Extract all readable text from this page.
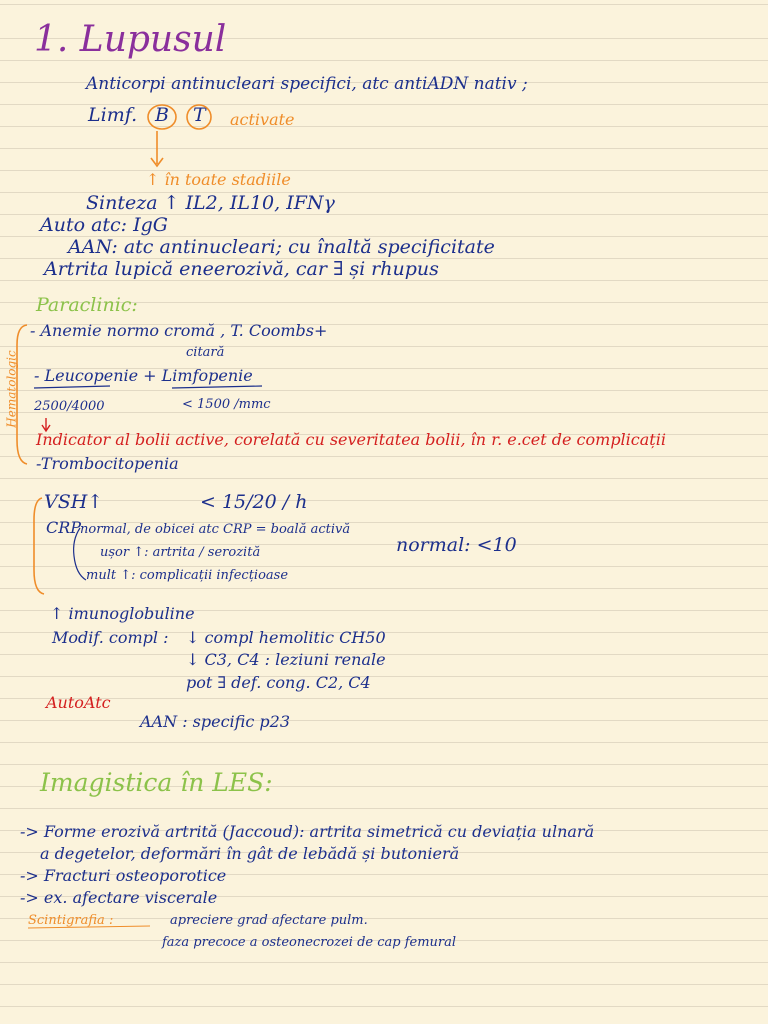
1. Lupusul
Anticorpi antinucleari specifici, atc antiADN nativ ;
Limf. B T activate
↑ în toate stadiile
Sinteza ↑ IL2, IL10, IFNγ
Auto atc: IgG
AAN: atc antinucleari; cu înaltă specificitate
Artrita lupică eneerozivă, car ∃ și rhupus
Paraclinic:
Hematologic
- Anemie normo cromă , T. Coombs+
citară
- Leucopenie + Limfopenie
2500/4000	< 1500 /mmc
Indicator al bolii active, corelată cu severitatea bolii, în r. e.cet de complicații
-Trombocitopenia
VSH↑	< 15/20 / h
CRP
normal, de obicei atc CRP = boală activă
ușor ↑: artrita / serozită
mult ↑: complicații infecțioase
normal: <10
↑ imunoglobuline
Modif. compl : ↓ compl hemolitic CH50
↓ C3, C4 : leziuni renale
pot ∃ def. cong. C2, C4
AutoAtc
AAN : specific p23
Imagistica în LES:
-> Forme erozivă artrită (Jaccoud): artrita simetrică cu deviația ulnară
a degetelor, deformări în gât de lebădă și butonieră
-> Fracturi osteoporotice
-> ex. afectare viscerale
Scintigrafia :	apreciere grad afectare pulm.
faza precoce a osteonecrozei de cap femural
